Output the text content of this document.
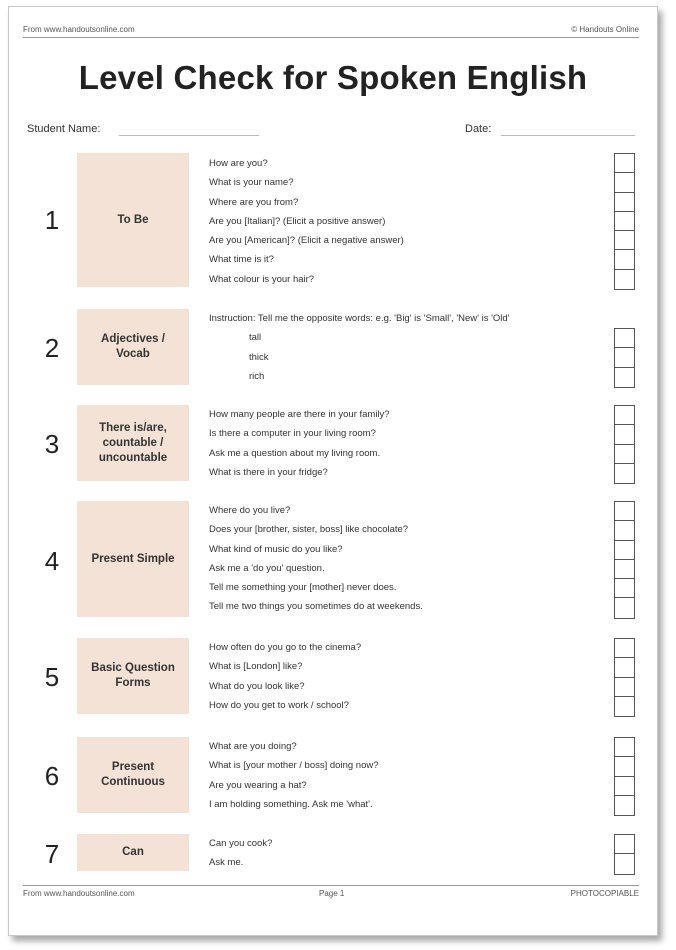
From www.handoutsonline.com	© Handouts Online
Level Check for Spoken English
Student Name:	Date:
1	To Be
How are you?
What is your name?
Where are you from?
Are you [Italian]? (Elicit a positive answer)
Are you [American]? (Elicit a negative answer)
What time is it?
What colour is your hair?
2	Adjectives / Vocab
Instruction: Tell me the opposite words: e.g. 'Big' is 'Small', 'New' is 'Old'
tall
thick
rich
3
There is/are, countable / uncountable
How many people are there in your family?
Is there a computer in your living room?
Ask me a question about my living room.
What is there in your fridge?
4	Present Simple
Where do you live?
Does your [brother, sister, boss] like chocolate?
What kind of music do you like?
Ask me a 'do you' question.
Tell me something your [mother] never does.
Tell me two things you sometimes do at weekends.
5	Basic Question Forms
How often do you go to the cinema?
What is [London] like?
What do you look like?
How do you get to work / school?
6	Present Continuous
What are you doing?
What is [your mother / boss] doing now?
Are you wearing a hat?
I am holding something. Ask me 'what'.
7	Can
Can you cook?
Ask me.
From www.handoutsonline.com	Page 1	PHOTOCOPIABLE
